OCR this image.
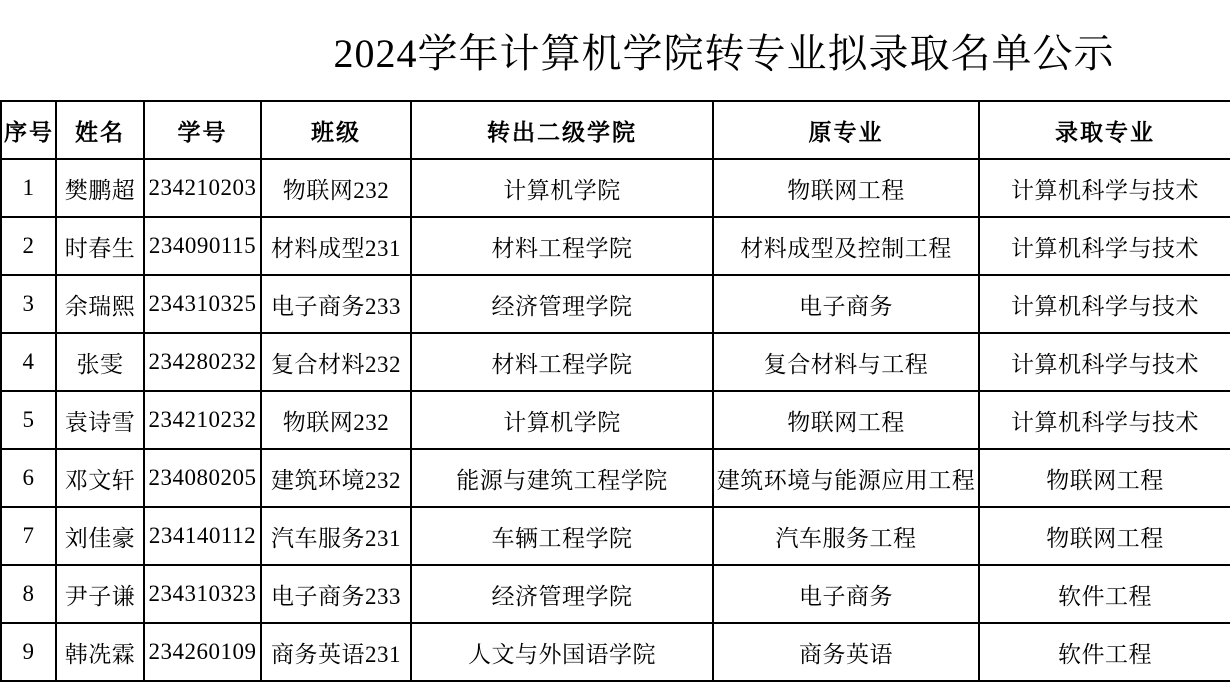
2024学年计算机学院转专业拟录取名单公示
序号	姓名	学号	班级	转出二级学院	原专业	录取专业
1	樊鹏超	234210203	物联网232	计算机学院	物联网工程	计算机科学与技术
2	时春生	234090115	材料成型231	材料工程学院	材料成型及控制工程	计算机科学与技术
3	余瑞熙	234310325	电子商务233	经济管理学院	电子商务	计算机科学与技术
4	张雯	234280232	复合材料232	材料工程学院	复合材料与工程	计算机科学与技术
5	袁诗雪	234210232	物联网232	计算机学院	物联网工程	计算机科学与技术
6	邓文轩	234080205	建筑环境232	能源与建筑工程学院	建筑环境与能源应用工程	物联网工程
7	刘佳豪	234140112	汽车服务231	车辆工程学院	汽车服务工程	物联网工程
8	尹子谦	234310323	电子商务233	经济管理学院	电子商务	软件工程
9	韩冼霖	234260109	商务英语231	人文与外国语学院	商务英语	软件工程
